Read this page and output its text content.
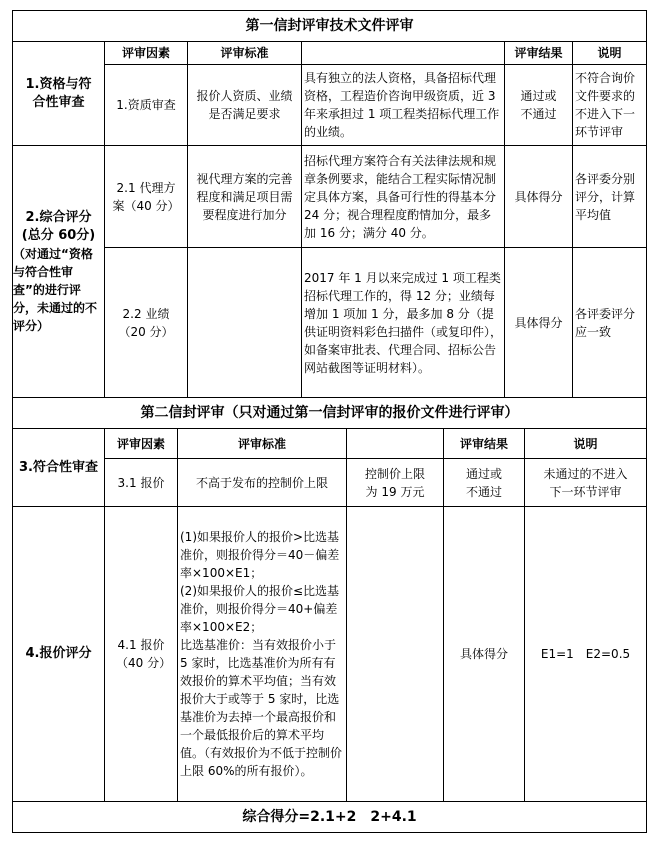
第一信封评审技术文件评审					

1.资格与符合性审查	评审因素	评审标准		评审结果	说明
	1.资质审查	报价人资质、业绩是否满足要求	具有独立的法人资格，具备招标代理资格，工程造价咨询甲级资质，近 3 年来承担过 1 项工程类招标代理工作的业绩。	通过或不通过	不符合询价文件要求的不进入下一环节评审

2.综合评分
(总分 60分)
（对通过“资格与符合性审查”的进行评分，未通过的不评分）	2.1 代理方案（40 分）	视代理方案的完善程度和满足项目需要程度进行加分	招标代理方案符合有关法律法规和规章条例要求，能结合工程实际情况制定具体方案，具备可行性的得基本分 24 分；视合理程度酌情加分，最多加 16 分；满分 40 分。	具体得分	各评委分别评分，计算平均值

	2.2 业绩（20 分）		2017 年 1 月以来完成过 1 项工程类招标代理工作的，得 12 分；业绩每增加 1 项加 1 分，最多加 8 分（提供证明资料彩色扫描件（或复印件），如备案审批表、代理合同、招标公告网站截图等证明材料）。	具体得分	各评委评分应一致
第二信封评审（只对通过第一信封评审的报价文件进行评审）					
3.符合性审查	评审因素	评审标准		评审结果	说明
	3.1 报价	不高于发布的控制价上限	控制价上限为 19 万元	通过或不通过	未通过的不进入下一环节评审

4.报价评分	4.1 报价（40 分）	(1)如果报价人的报价>比选基准价，则报价得分＝40－偏差率×100×E1；
(2)如果报价人的报价≤比选基准价，则报价得分＝40+偏差率×100×E2；
比选基准价：当有效报价小于 5 家时，比选基准价为所有有效报价的算术平均值；当有效报价大于或等于 5 家时，比选基准价为去掉一个最高报价和一个最低报价后的算术平均值。（有效报价为不低于控制价上限 60%的所有报价）。		具体得分	E1=1　E2=0.5
综合得分=2.1+2　2+4.1					
